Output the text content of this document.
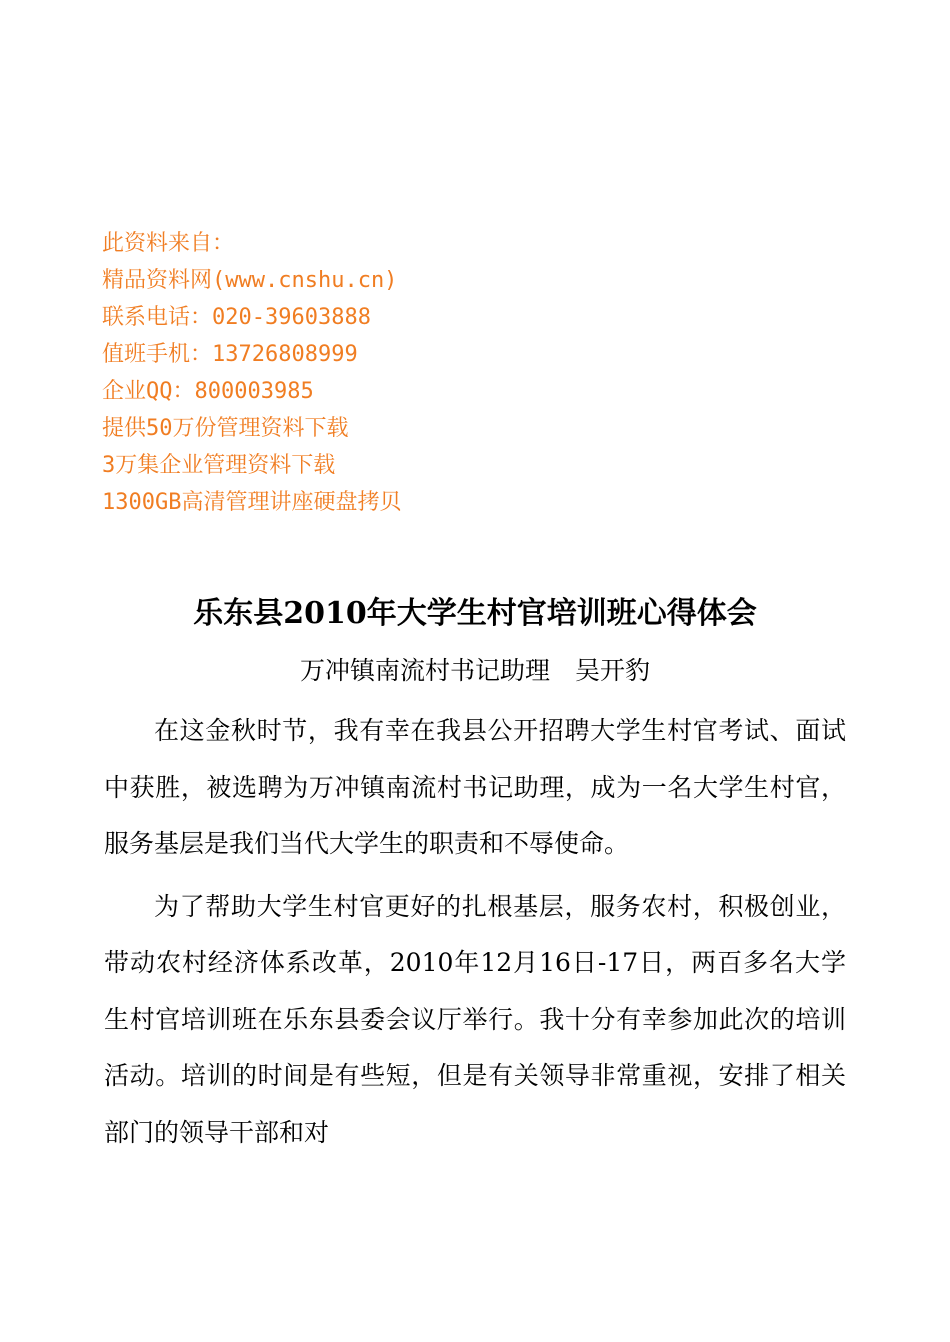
此资料来自：
精品资料网(www.cnshu.cn)
联系电话：020-39603888
值班手机：13726808999
企业QQ：800003985
提供50万份管理资料下载
3万集企业管理资料下载
1300GB高清管理讲座硬盘拷贝
乐东县2010年大学生村官培训班心得体会
万冲镇南流村书记助理　吴开豹

在这金秋时节，我有幸在我县公开招聘大学生村官考试、面试中获胜，被选聘为万冲镇南流村书记助理，成为一名大学生村官，服务基层是我们当代大学生的职责和不辱使命。

为了帮助大学生村官更好的扎根基层，服务农村，积极创业，带动农村经济体系改革，2010年12月16日-17日，两百多名大学生村官培训班在乐东县委会议厅举行。我十分有幸参加此次的培训活动。培训的时间是有些短，但是有关领导非常重视，安排了相关部门的领导干部和对
